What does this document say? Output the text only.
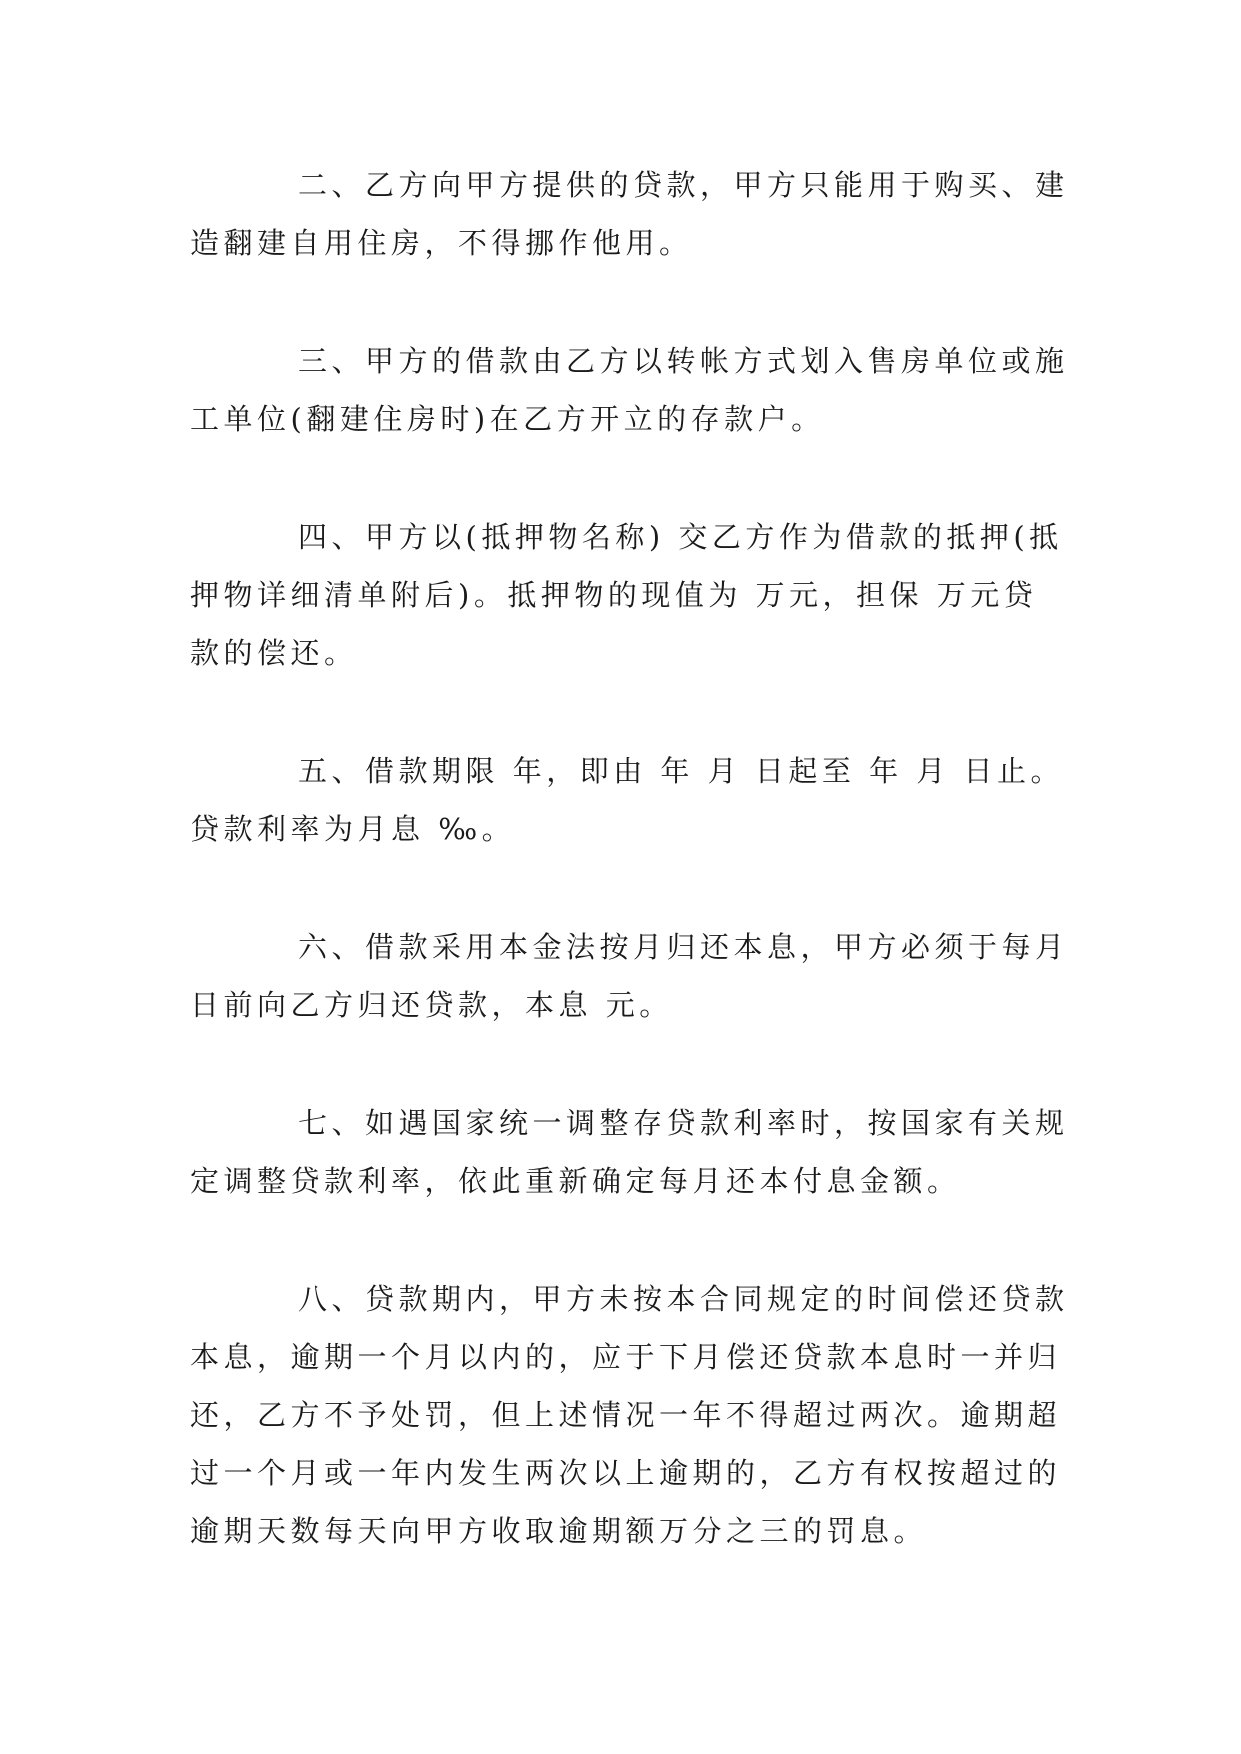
二、乙方向甲方提供的贷款，甲方只能用于购买、建
造翻建自用住房，不得挪作他用。
三、甲方的借款由乙方以转帐方式划入售房单位或施
工单位(翻建住房时)在乙方开立的存款户。
四、甲方以(抵押物名称) 交乙方作为借款的抵押(抵
押物详细清单附后)。抵押物的现值为 万元，担保 万元贷
款的偿还。
五、借款期限 年，即由 年 月 日起至 年 月 日止。
贷款利率为月息 ‰。
六、借款采用本金法按月归还本息，甲方必须于每月
日前向乙方归还贷款，本息 元。
七、如遇国家统一调整存贷款利率时，按国家有关规
定调整贷款利率，依此重新确定每月还本付息金额。
八、贷款期内，甲方未按本合同规定的时间偿还贷款
本息，逾期一个月以内的，应于下月偿还贷款本息时一并归
还，乙方不予处罚，但上述情况一年不得超过两次。逾期超
过一个月或一年内发生两次以上逾期的，乙方有权按超过的
逾期天数每天向甲方收取逾期额万分之三的罚息。
